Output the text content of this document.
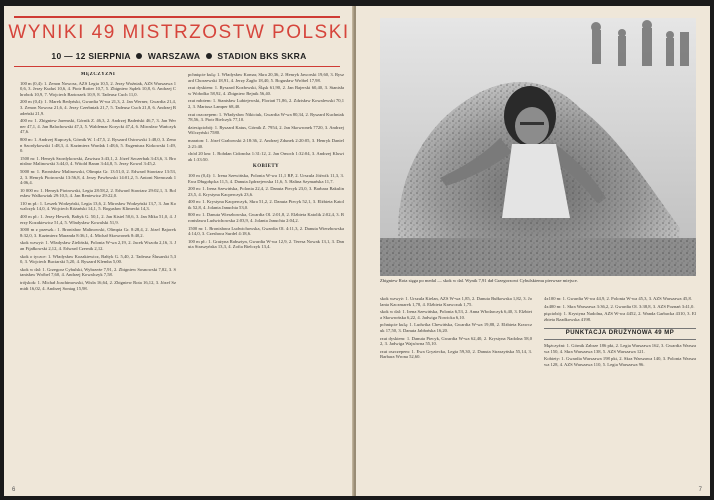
WYNIKI 49 MISTRZOSTW POLSKI
10 — 12 SIERPNIA WARSZAWA STADION BKS SKRA
MĘŻCZYŹNI

100 m (0,4): 1. Zenon Nowosz, AZS Legia 10,5, 2. Jerzy Woźniak, AZS Warszawa 10,6, 3. Jerzy Kuduś 10,6, 4. Piotr Rotter 10,7, 5. Zbigniew Sędek 10,8, 6. Andrzej Chrobok 10,9, 7. Wojciech Bartoszek 10,9, 8. Tadeusz Cuch 11,0.

200 m (0,4): 1. Marek Bedyński, Gwardia W-wa 21,3, 2. Jan Werner, Gwardia 21,4, 3. Zenon Nowosz 21,6, 4. Jerzy Czerbniak 21,7, 5. Tadeusz Cuch 21,8, 6. Andrzej Badeński 21,9.

400 m: 1. Zbigniew Jaremski, Górnik Z. 46,3, 2. Andrzej Badeński 46,7, 3. Jan Werner 47,1, 4. Jan Balachowski 47,3, 5. Waldemar Korycki 47,4, 6. Mirosław Wańczyk 47,6.

800 m: 1. Andrzej Kupczyk, Górnik W. 1:47,5, 2. Ryszard Ostrowski 1:48,0, 3. Zenon Szordykowski 1:48,3, 4. Kazimierz Wardak 1:48,6, 5. Eugeniusz Kirkowski 1:49,0.

1500 m: 1. Henryk Szordykowski, Zawisza 3:43,1, 2. Józef Szczerbak 3:43,6, 3. Bronisław Malinowski 3:44,0, 4. Witold Baran 3:44,8, 5. Jerzy Kowol 3:45,2.

5000 m: 1. Bronisław Malinowski, Olimpia Gr. 13:51,0, 2. Edward Stawiarz 13:53,2, 3. Henryk Piotrowski 13:56,8, 4. Jerzy Pawłowski 14:01,2, 5. Antoni Niemczak 14:06,4.

10 000 m: 1. Henryk Piotrowski, Legia 28:58,2, 2. Edward Stawiarz 29:02,1, 3. Bolesław Walkowiak 29:10,5, 4. Jan Reniewicz 29:22,0.

110 m pł.: 1. Leszek Wodzyński, Legia 13,6, 2. Mirosław Wodzyński 13,7, 3. Jan Kowalczyk 14,0, 4. Wojciech Różański 14,1, 5. Bogusław Klimecki 14,3.

400 m pł.: 1. Jerzy Hewelt, Bałtyk G. 50,1, 2. Jan Kisiel 50,6, 3. Jan Mika 51,0, 4. Jerzy Kozakiewicz 51,4, 5. Władysław Kowalski 51,9.

3000 m z przeszk.: 1. Bronisław Malinowski, Olimpia Gr. 8:28,4, 2. Józef Bajorek 8:32,0, 3. Kazimierz Maranda 8:36,1, 4. Michał Skowronek 8:40,2.

skok wzwyż: 1. Władysław Zieliński, Polonia W-wa 2,19, 2. Jacek Wszoła 2,16, 3. Jan Fijałkowski 2,12, 4. Edward Czernik 2,12.

skok o tyczce: 1. Władysław Kozakiewicz, Bałtyk G. 5,40, 2. Tadeusz Ślusarski 5,30, 3. Wojciech Buciarski 5,20, 4. Ryszard Klemba 5,00.

skok w dal: 1. Grzegorz Cybulski, Wybrzeże 7,91, 2. Zbigniew Sosnowski 7,82, 3. Stanisław Wróbel 7,60, 4. Andrzej Kowalczyk 7,58.

trójskok: 1. Michał Joachimowski, Wisła 16,64, 2. Zbigniew Rota 16,12, 3. Józef Szmidt 16,02, 4. Andrzej Sontag 15,98.

pchnięcie kulą: 1. Władysław Komar, Skra 20,36, 2. Henryk Jaworski 19,60, 3. Ryszard Chorzewski 18,91, 4. Jerzy Żagło 18,40, 5. Bogusław Wróbel 17,98.

rzut dyskiem: 1. Ryszard Kozłowski, Śląsk 61,90, 2. Jan Bajerski 60,40, 3. Stanisław Wołodko 58,92, 4. Zbigniew Bejnik 56,40.

rzut młotem: 1. Stanisław Lubiejewski, Floriań 71,86, 2. Zdzisław Kowalewski 70,12, 3. Mariusz Lamper 68,40.

rzut oszczepem: 1. Władysław Nikiciuk, Gwardia W-wa 80,34, 2. Ryszard Kuchniak 78,56, 3. Piotr Bielczyk 77,10.

dziesięciobój: 1. Ryszard Katus, Górnik Z. 7954, 2. Jan Skowronek 7720, 3. Andrzej Wilczyński 7580.

maraton: 1. Józef Grabowski 2:18:36, 2. Andrzej Zdunek 2:20:05, 3. Henryk Daniel 2:21:40.

chód 20 km: 1. Bohdan Cidoncha 1:31:12, 2. Jan Ornoch 1:32:04, 3. Andrzej Kluwiak 1:33:50.

KOBIETY

100 m (0,4): 1. Irena Szewińska, Polonia W-wa 11,1 RP, 2. Urszula Jóźwik 11,3, 3. Ewa Długołęcka 11,5, 4. Danuta Jędrzejewska 11,6, 5. Halina Szymańska 11,7.

200 m: 1. Irena Szewińska, Polonia 22,4, 2. Danuta Piecyk 23,0, 3. Barbara Bakulin 23,5, 4. Krystyna Kacperczyk 23,6.

400 m: 1. Krystyna Kacperczyk, Skra 51,2, 2. Danuta Piecyk 52,1, 3. Elżbieta Katolik 52,8, 4. Jolanta Januchta 53,0.

800 m: 1. Danuta Wierzbowska, Gwardia Ol. 2:01,8, 2. Elżbieta Katolik 2:02,4, 3. Bronisława Ludwichowska 2:03,9, 4. Jolanta Januchta 2:04,2.

1500 m: 1. Bronisława Ludwichowska, Gwardia Ol. 4:11,3, 2. Danuta Wierzbowska 4:14,0, 3. Czesława Surdel 4:18,6.

100 m pł.: 1. Grażyna Rabsztyn, Gwardia W-wa 12,9, 2. Teresa Nowak 13,1, 3. Danuta Straszyńska 13,3, 4. Zofia Bielczyk 13,4.

6
Zbigniew Rota sięga po medal — skok w dal. Wynik 7,91 dał Grzegorzowi Cybulskiemu pierwsze miejsce.

skok wzwyż: 1. Urszula Kielan, AZS W-wa 1,85, 2. Danuta Bułkowska 1,82, 3. Jolanta Kaczmarek 1,78, 4. Elżbieta Krawczuk 1,75.

skok w dal: 1. Irena Szewińska, Polonia 6,53, 2. Anna Włodarczyk 6,40, 3. Elżbieta Skowrońska 6,22, 4. Jadwiga Nowicka 6,10.

pchnięcie kulą: 1. Ludwika Chewińska, Gwardia W-wa 19,88, 2. Elżbieta Krawczuk 17,50, 3. Danuta Jabłońska 16,20.

rzut dyskiem: 1. Danuta Piecyk, Gwardia W-wa 62,40, 2. Krystyna Nadolna 58,02, 3. Jadwiga Wajsówna 55,10.

rzut oszczepem: 1. Ewa Gryziecka, Legia 59,30, 2. Danuta Straszyńska 55,14, 3. Barbara Wrona 52,60.

4x100 m: 1. Gwardia W-wa 44,9, 2. Polonia W-wa 45,3, 3. AZS Warszawa 45,8.

4x400 m: 1. Skra Warszawa 3:36,2, 2. Gwardia Ol. 3:38,8, 3. AZS Poznań 3:41,0.

pięciobój: 1. Krystyna Nadolna, AZS W-wa 4452, 2. Wanda Garbacka 4310, 3. Elżbieta Rzadkowska 4198.

PUNKTACJA DRUŻYNOWA 49 MP

Mężczyźni: 1. Górnik Zabrze 186 pkt, 2. Legia Warszawa 162, 3. Gwardia Warszawa 150, 4. Skra Warszawa 138, 5. AZS Warszawa 121.

Kobiety: 1. Gwardia Warszawa 198 pkt, 2. Skra Warszawa 140, 3. Polonia Warszawa 128, 4. AZS Warszawa 110, 5. Legia Warszawa 96.

7
